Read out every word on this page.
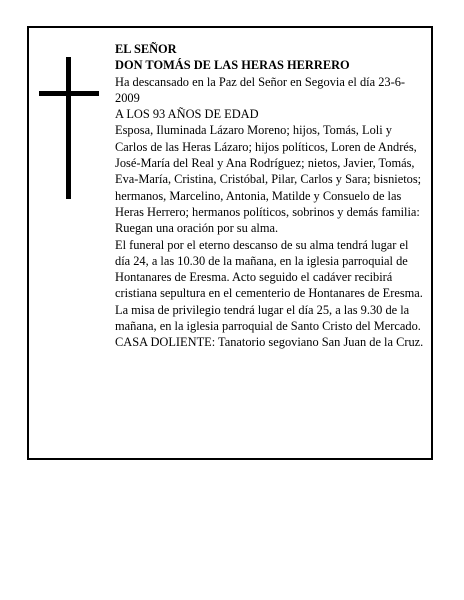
EL SEÑOR

DON TOMÁS DE LAS HERAS HERRERO

Ha descansado en la Paz del Señor en Segovia el día 23-6-2009

A LOS 93 AÑOS DE EDAD

Esposa, Iluminada Lázaro Moreno; hijos, Tomás, Loli y Carlos de las Heras Lázaro; hijos políticos, Loren de Andrés, José-María del Real y Ana Rodríguez; nietos, Javier, Tomás, Eva-María, Cristina, Cristóbal, Pilar, Carlos y Sara; bisnietos; hermanos, Marcelino, Antonia, Matilde y Consuelo de las Heras Herrero; hermanos políticos, sobrinos y demás familia:

Ruegan una oración por su alma.

El funeral por el eterno descanso de su alma tendrá lugar el día 24, a las 10.30 de la mañana, en la iglesia parroquial de Hontanares de Eresma. Acto seguido el cadáver recibirá cristiana sepultura en el cementerio de Hontanares de Eresma. La misa de privilegio tendrá lugar el día 25, a las 9.30 de la mañana, en la iglesia parroquial de Santo Cristo del Mercado.

CASA DOLIENTE: Tanatorio segoviano San Juan de la Cruz.
